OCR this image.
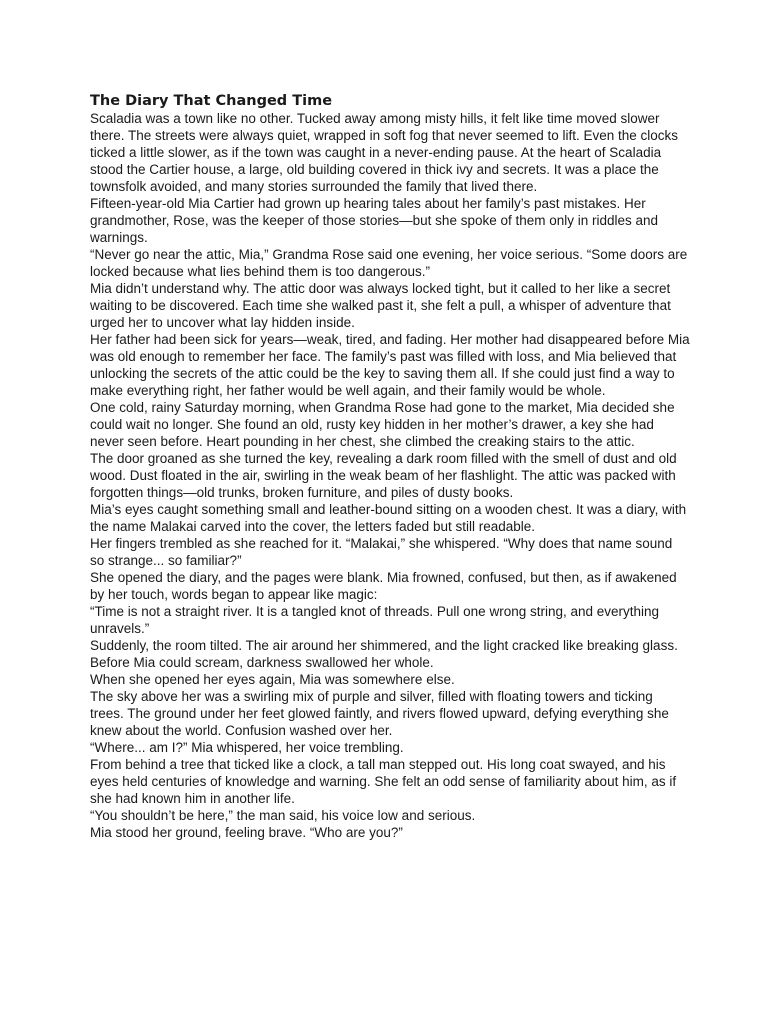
The Diary That Changed Time

Scaladia was a town like no other. Tucked away among misty hills, it felt like time moved slower there. The streets were always quiet, wrapped in soft fog that never seemed to lift. Even the clocks ticked a little slower, as if the town was caught in a never-ending pause. At the heart of Scaladia stood the Cartier house, a large, old building covered in thick ivy and secrets. It was a place the townsfolk avoided, and many stories surrounded the family that lived there.

Fifteen-year-old Mia Cartier had grown up hearing tales about her family’s past mistakes. Her grandmother, Rose, was the keeper of those stories—but she spoke of them only in riddles and warnings.

“Never go near the attic, Mia,” Grandma Rose said one evening, her voice serious. “Some doors are locked because what lies behind them is too dangerous.”

Mia didn’t understand why. The attic door was always locked tight, but it called to her like a secret waiting to be discovered. Each time she walked past it, she felt a pull, a whisper of adventure that urged her to uncover what lay hidden inside.

Her father had been sick for years—weak, tired, and fading. Her mother had disappeared before Mia was old enough to remember her face. The family’s past was filled with loss, and Mia believed that unlocking the secrets of the attic could be the key to saving them all. If she could just find a way to make everything right, her father would be well again, and their family would be whole.

One cold, rainy Saturday morning, when Grandma Rose had gone to the market, Mia decided she could wait no longer. She found an old, rusty key hidden in her mother’s drawer, a key she had never seen before. Heart pounding in her chest, she climbed the creaking stairs to the attic.

The door groaned as she turned the key, revealing a dark room filled with the smell of dust and old wood. Dust floated in the air, swirling in the weak beam of her flashlight. The attic was packed with forgotten things—old trunks, broken furniture, and piles of dusty books.

Mia’s eyes caught something small and leather-bound sitting on a wooden chest. It was a diary, with the name Malakai carved into the cover, the letters faded but still readable.

Her fingers trembled as she reached for it. “Malakai,” she whispered. “Why does that name sound so strange... so familiar?”

She opened the diary, and the pages were blank. Mia frowned, confused, but then, as if awakened by her touch, words began to appear like magic:

“Time is not a straight river. It is a tangled knot of threads. Pull one wrong string, and everything unravels.”

Suddenly, the room tilted. The air around her shimmered, and the light cracked like breaking glass. Before Mia could scream, darkness swallowed her whole.

When she opened her eyes again, Mia was somewhere else.

The sky above her was a swirling mix of purple and silver, filled with floating towers and ticking trees. The ground under her feet glowed faintly, and rivers flowed upward, defying everything she knew about the world. Confusion washed over her.

“Where... am I?” Mia whispered, her voice trembling.

From behind a tree that ticked like a clock, a tall man stepped out. His long coat swayed, and his eyes held centuries of knowledge and warning. She felt an odd sense of familiarity about him, as if she had known him in another life.

“You shouldn’t be here,” the man said, his voice low and serious.

Mia stood her ground, feeling brave. “Who are you?”
